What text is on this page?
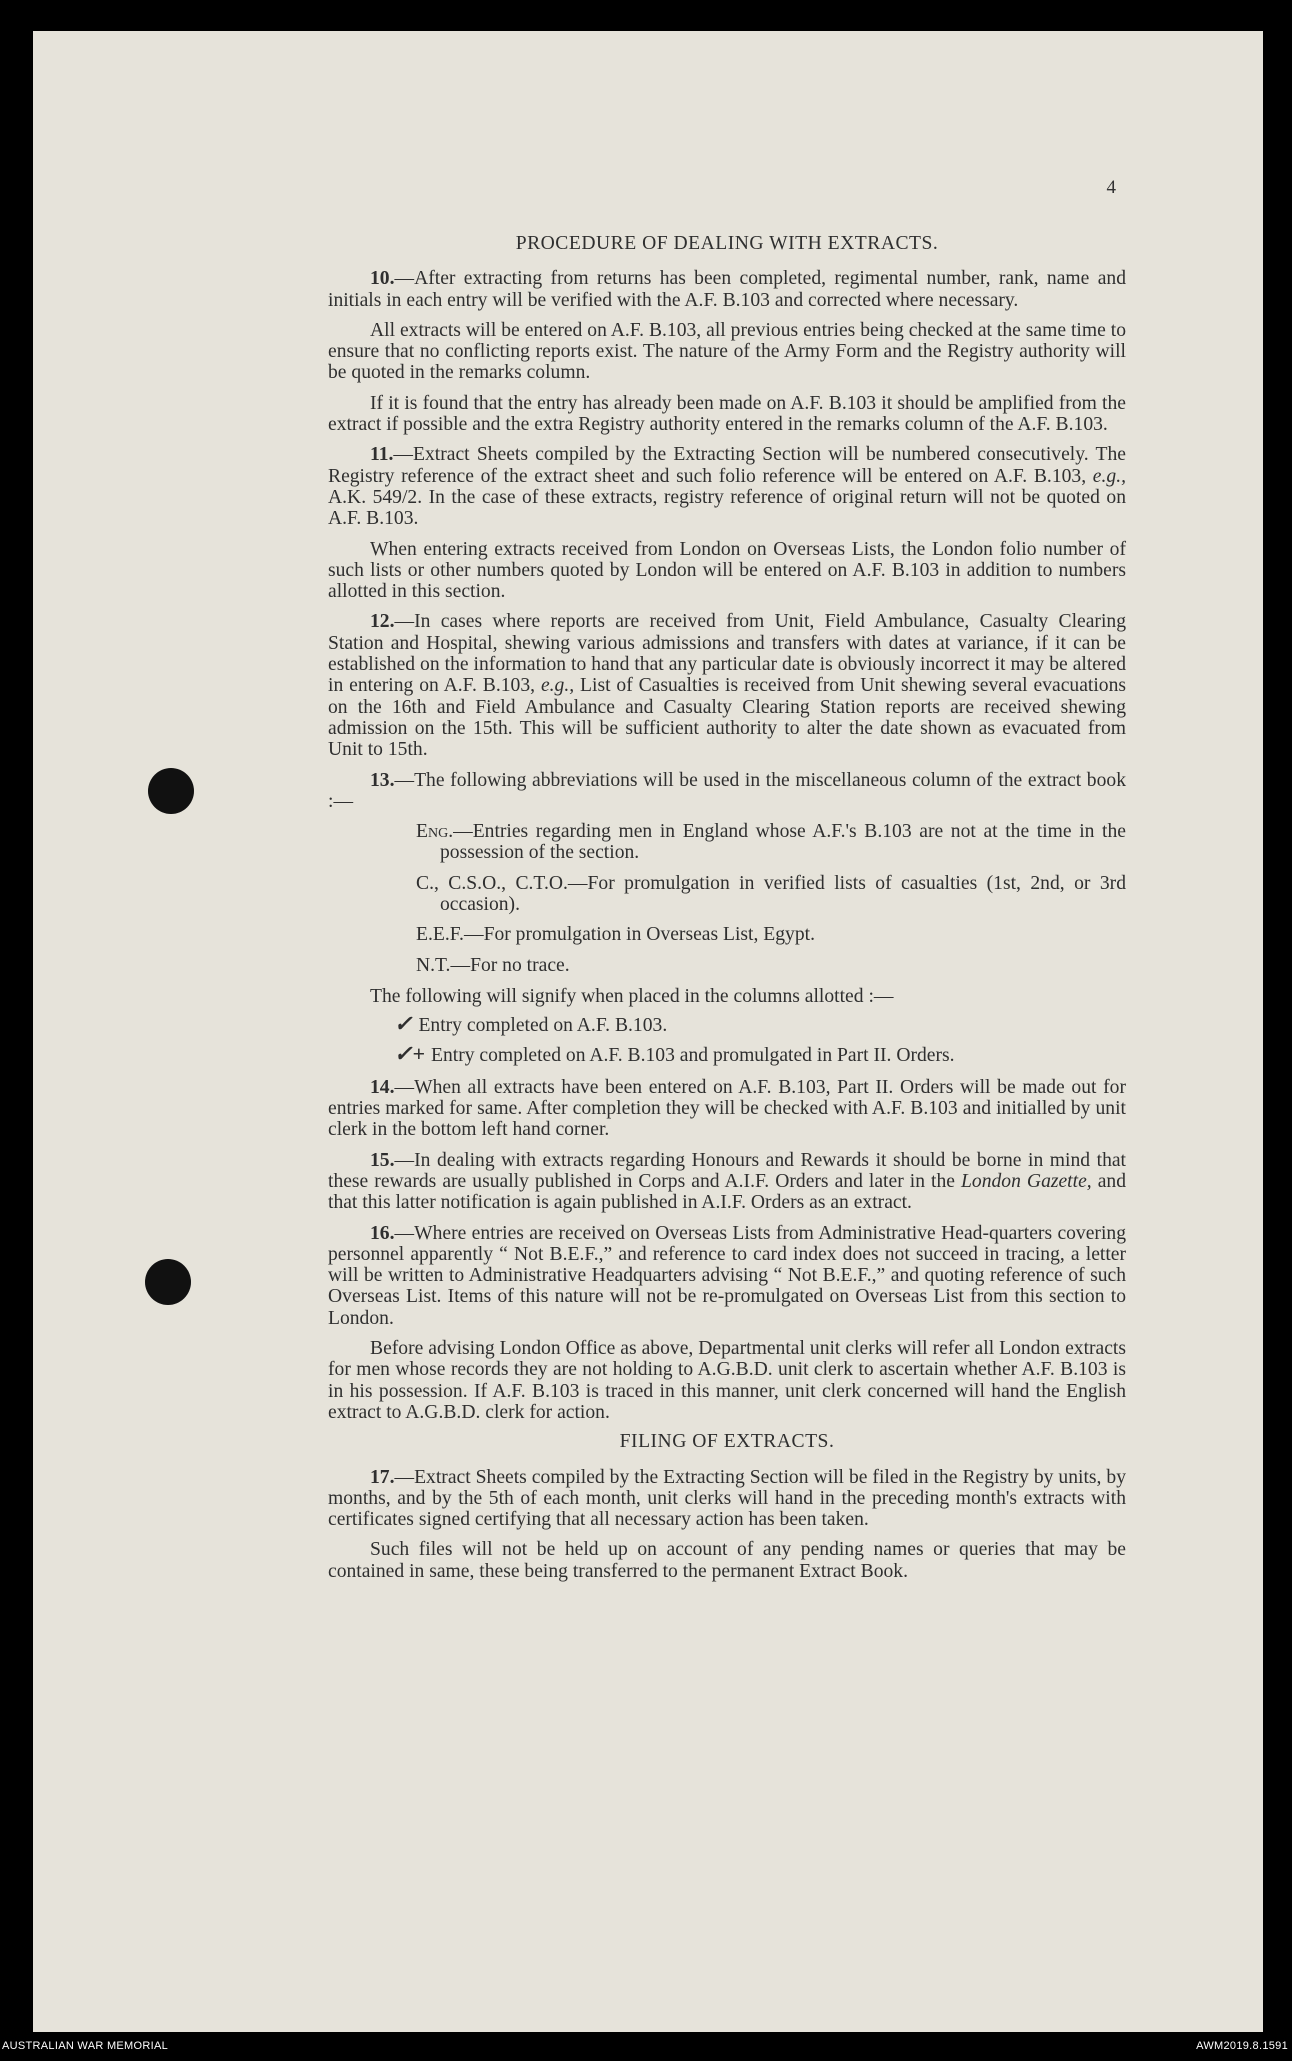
4
PROCEDURE OF DEALING WITH EXTRACTS.

10.—After extracting from returns has been completed, regimental number, rank, name and initials in each entry will be verified with the A.F. B.103 and corrected where necessary.

All extracts will be entered on A.F. B.103, all previous entries being checked at the same time to ensure that no conflicting reports exist. The nature of the Army Form and the Registry authority will be quoted in the remarks column.

If it is found that the entry has already been made on A.F. B.103 it should be amplified from the extract if possible and the extra Registry authority entered in the remarks column of the A.F. B.103.

11.—Extract Sheets compiled by the Extracting Section will be numbered consecutively. The Registry reference of the extract sheet and such folio reference will be entered on A.F. B.103, e.g., A.K. 549/2. In the case of these extracts, registry reference of original return will not be quoted on A.F. B.103.

When entering extracts received from London on Overseas Lists, the London folio number of such lists or other numbers quoted by London will be entered on A.F. B.103 in addition to numbers allotted in this section.

12.—In cases where reports are received from Unit, Field Ambulance, Casualty Clearing Station and Hospital, shewing various admissions and transfers with dates at variance, if it can be established on the information to hand that any particular date is obviously incorrect it may be altered in entering on A.F. B.103, e.g., List of Casualties is received from Unit shewing several evacuations on the 16th and Field Ambulance and Casualty Clearing Station reports are received shewing admission on the 15th. This will be sufficient authority to alter the date shown as evacuated from Unit to 15th.

13.—The following abbreviations will be used in the miscellaneous column of the extract book :—

Eng.—Entries regarding men in England whose A.F.'s B.103 are not at the time in the possession of the section.

C., C.S.O., C.T.O.—For promulgation in verified lists of casualties (1st, 2nd, or 3rd occasion).

E.E.F.—For promulgation in Overseas List, Egypt.

N.T.—For no trace.

The following will signify when placed in the columns allotted :—

✓ Entry completed on A.F. B.103.

✓+ Entry completed on A.F. B.103 and promulgated in Part II. Orders.

14.—When all extracts have been entered on A.F. B.103, Part II. Orders will be made out for entries marked for same. After completion they will be checked with A.F. B.103 and initialled by unit clerk in the bottom left hand corner.

15.—In dealing with extracts regarding Honours and Rewards it should be borne in mind that these rewards are usually published in Corps and A.I.F. Orders and later in the London Gazette, and that this latter notification is again published in A.I.F. Orders as an extract.

16.—Where entries are received on Overseas Lists from Administrative Head-quarters covering personnel apparently “ Not B.E.F.,” and reference to card index does not succeed in tracing, a letter will be written to Administrative Headquarters advising “ Not B.E.F.,” and quoting reference of such Overseas List. Items of this nature will not be re-promulgated on Overseas List from this section to London.

Before advising London Office as above, Departmental unit clerks will refer all London extracts for men whose records they are not holding to A.G.B.D. unit clerk to ascertain whether A.F. B.103 is in his possession. If A.F. B.103 is traced in this manner, unit clerk concerned will hand the English extract to A.G.B.D. clerk for action.

FILING OF EXTRACTS.

17.—Extract Sheets compiled by the Extracting Section will be filed in the Registry by units, by months, and by the 5th of each month, unit clerks will hand in the preceding month's extracts with certificates signed certifying that all necessary action has been taken.

Such files will not be held up on account of any pending names or queries that may be contained in same, these being transferred to the permanent Extract Book.

AUSTRALIAN WAR MEMORIAL	AWM2019.8.1591
